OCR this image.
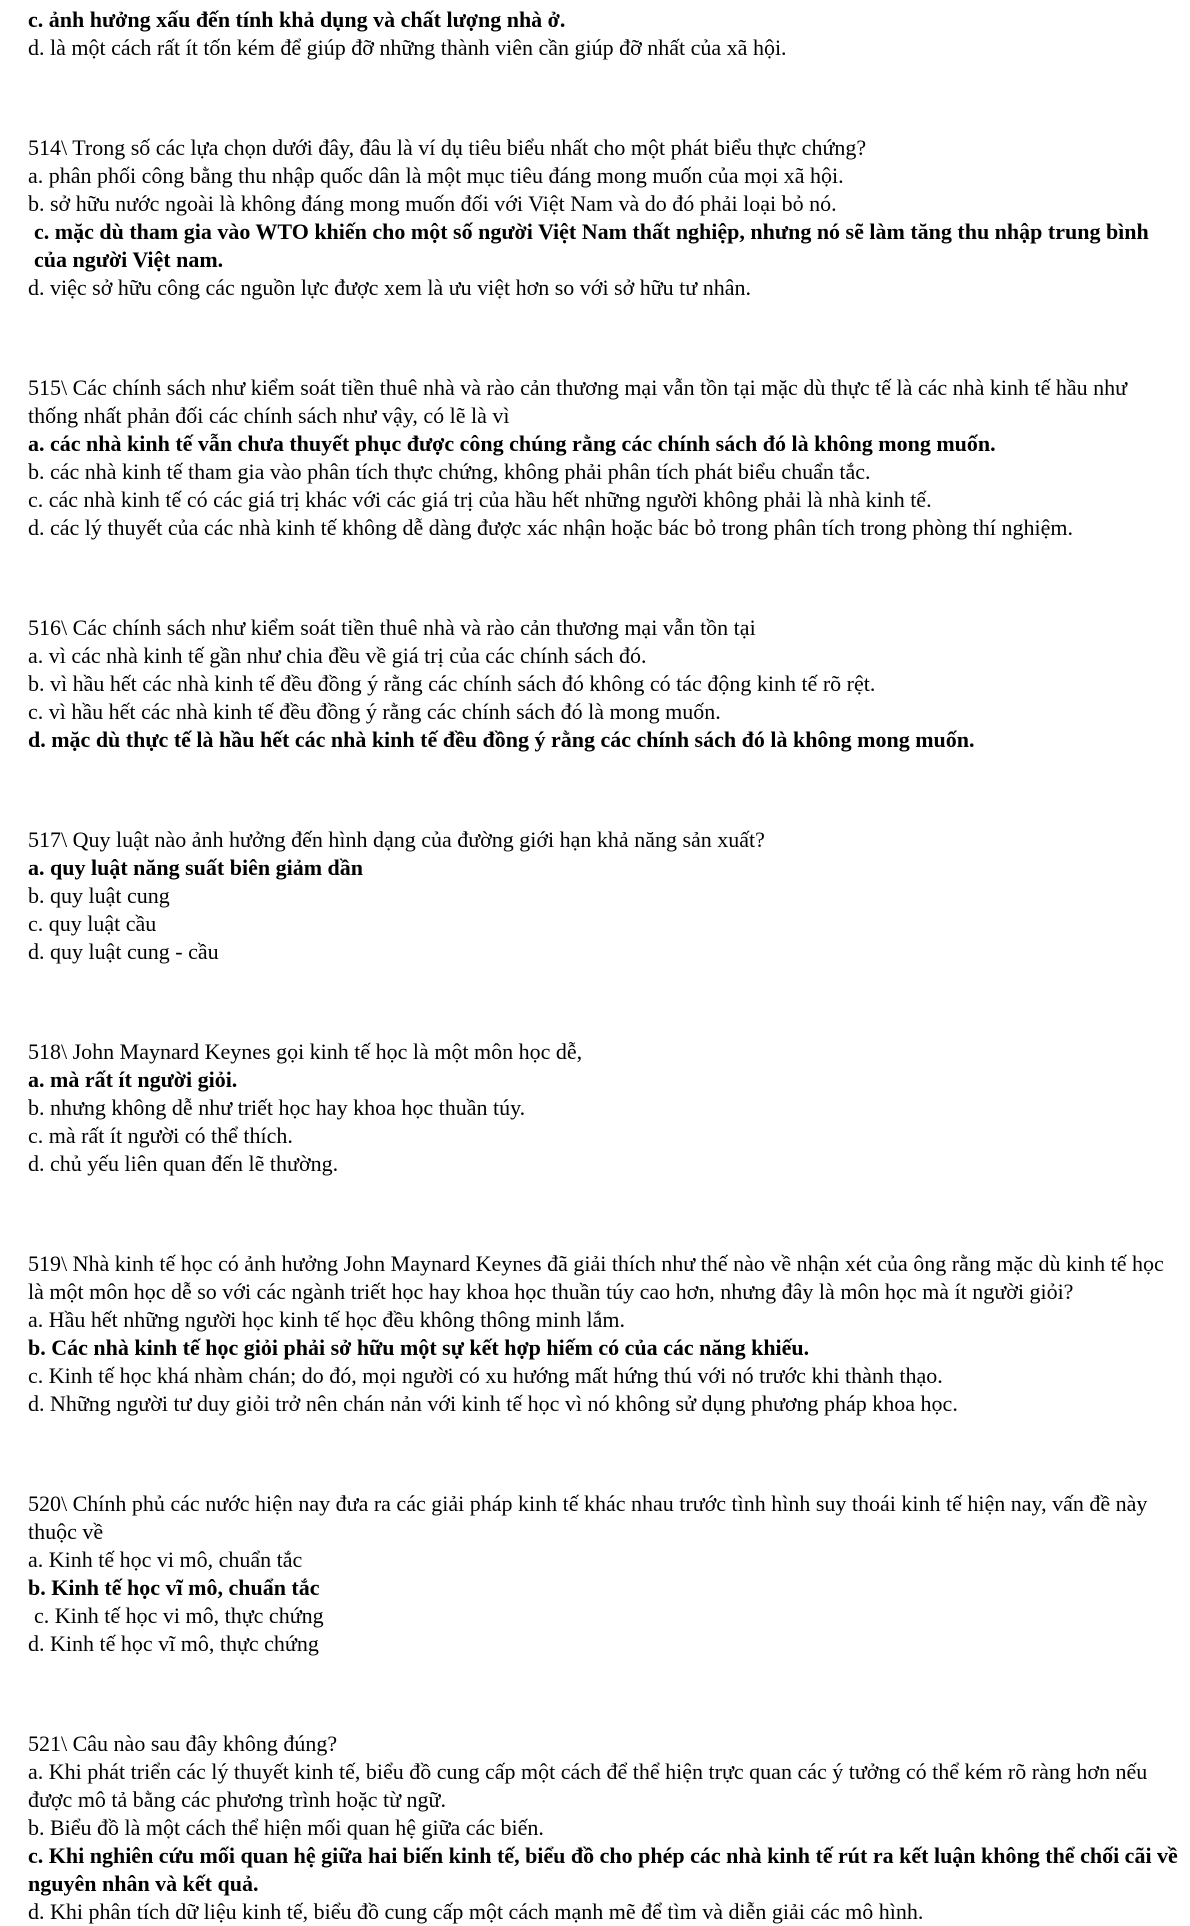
c. ảnh hưởng xấu đến tính khả dụng và chất lượng nhà ở.

d. là một cách rất ít tốn kém để giúp đỡ những thành viên cần giúp đỡ nhất của xã hội.

514\ Trong số các lựa chọn dưới đây, đâu là ví dụ tiêu biểu nhất cho một phát biểu thực chứng?

a. phân phối công bằng thu nhập quốc dân là một mục tiêu đáng mong muốn của mọi xã hội.

b. sở hữu nước ngoài là không đáng mong muốn đối với Việt Nam và do đó phải loại bỏ nó.

c. mặc dù tham gia vào WTO khiến cho một số người Việt Nam thất nghiệp, nhưng nó sẽ làm tăng thu nhập trung bình của người Việt nam.

d. việc sở hữu công các nguồn lực được xem là ưu việt hơn so với sở hữu tư nhân.

515\ Các chính sách như kiểm soát tiền thuê nhà và rào cản thương mại vẫn tồn tại mặc dù thực tế là các nhà kinh tế hầu như thống nhất phản đối các chính sách như vậy, có lẽ là vì

a. các nhà kinh tế vẫn chưa thuyết phục được công chúng rằng các chính sách đó là không mong muốn.

b. các nhà kinh tế tham gia vào phân tích thực chứng, không phải phân tích phát biểu chuẩn tắc.

c. các nhà kinh tế có các giá trị khác với các giá trị của hầu hết những người không phải là nhà kinh tế.

d. các lý thuyết của các nhà kinh tế không dễ dàng được xác nhận hoặc bác bỏ trong phân tích trong phòng thí nghiệm.

516\ Các chính sách như kiểm soát tiền thuê nhà và rào cản thương mại vẫn tồn tại

a. vì các nhà kinh tế gần như chia đều về giá trị của các chính sách đó.

b. vì hầu hết các nhà kinh tế đều đồng ý rằng các chính sách đó không có tác động kinh tế rõ rệt.

c. vì hầu hết các nhà kinh tế đều đồng ý rằng các chính sách đó là mong muốn.

d. mặc dù thực tế là hầu hết các nhà kinh tế đều đồng ý rằng các chính sách đó là không mong muốn.

517\ Quy luật nào ảnh hưởng đến hình dạng của đường giới hạn khả năng sản xuất?

a. quy luật năng suất biên giảm dần

b. quy luật cung

c. quy luật cầu

d. quy luật cung - cầu

518\ John Maynard Keynes gọi kinh tế học là một môn học dễ,

a. mà rất ít người giỏi.

b. nhưng không dễ như triết học hay khoa học thuần túy.

c. mà rất ít người có thể thích.

d. chủ yếu liên quan đến lẽ thường.

519\ Nhà kinh tế học có ảnh hưởng John Maynard Keynes đã giải thích như thế nào về nhận xét của ông rằng mặc dù kinh tế học là một môn học dễ so với các ngành triết học hay khoa học thuần túy cao hơn, nhưng đây là môn học mà ít người giỏi?

a. Hầu hết những người học kinh tế học đều không thông minh lắm.

b. Các nhà kinh tế học giỏi phải sở hữu một sự kết hợp hiếm có của các năng khiếu.

c. Kinh tế học khá nhàm chán; do đó, mọi người có xu hướng mất hứng thú với nó trước khi thành thạo.

d. Những người tư duy giỏi trở nên chán nản với kinh tế học vì nó không sử dụng phương pháp khoa học.

520\ Chính phủ các nước hiện nay đưa ra các giải pháp kinh tế khác nhau trước tình hình suy thoái kinh tế hiện nay, vấn đề này thuộc về

a. Kinh tế học vi mô, chuẩn tắc

b. Kinh tế học vĩ mô, chuẩn tắc

c. Kinh tế học vi mô, thực chứng

d. Kinh tế học vĩ mô, thực chứng

521\ Câu nào sau đây không đúng?

a. Khi phát triển các lý thuyết kinh tế, biểu đồ cung cấp một cách để thể hiện trực quan các ý tưởng có thể kém rõ ràng hơn nếu được mô tả bằng các phương trình hoặc từ ngữ.

b. Biểu đồ là một cách thể hiện mối quan hệ giữa các biến.

c. Khi nghiên cứu mối quan hệ giữa hai biến kinh tế, biểu đồ cho phép các nhà kinh tế rút ra kết luận không thể chối cãi về nguyên nhân và kết quả.

d. Khi phân tích dữ liệu kinh tế, biểu đồ cung cấp một cách mạnh mẽ để tìm và diễn giải các mô hình.
